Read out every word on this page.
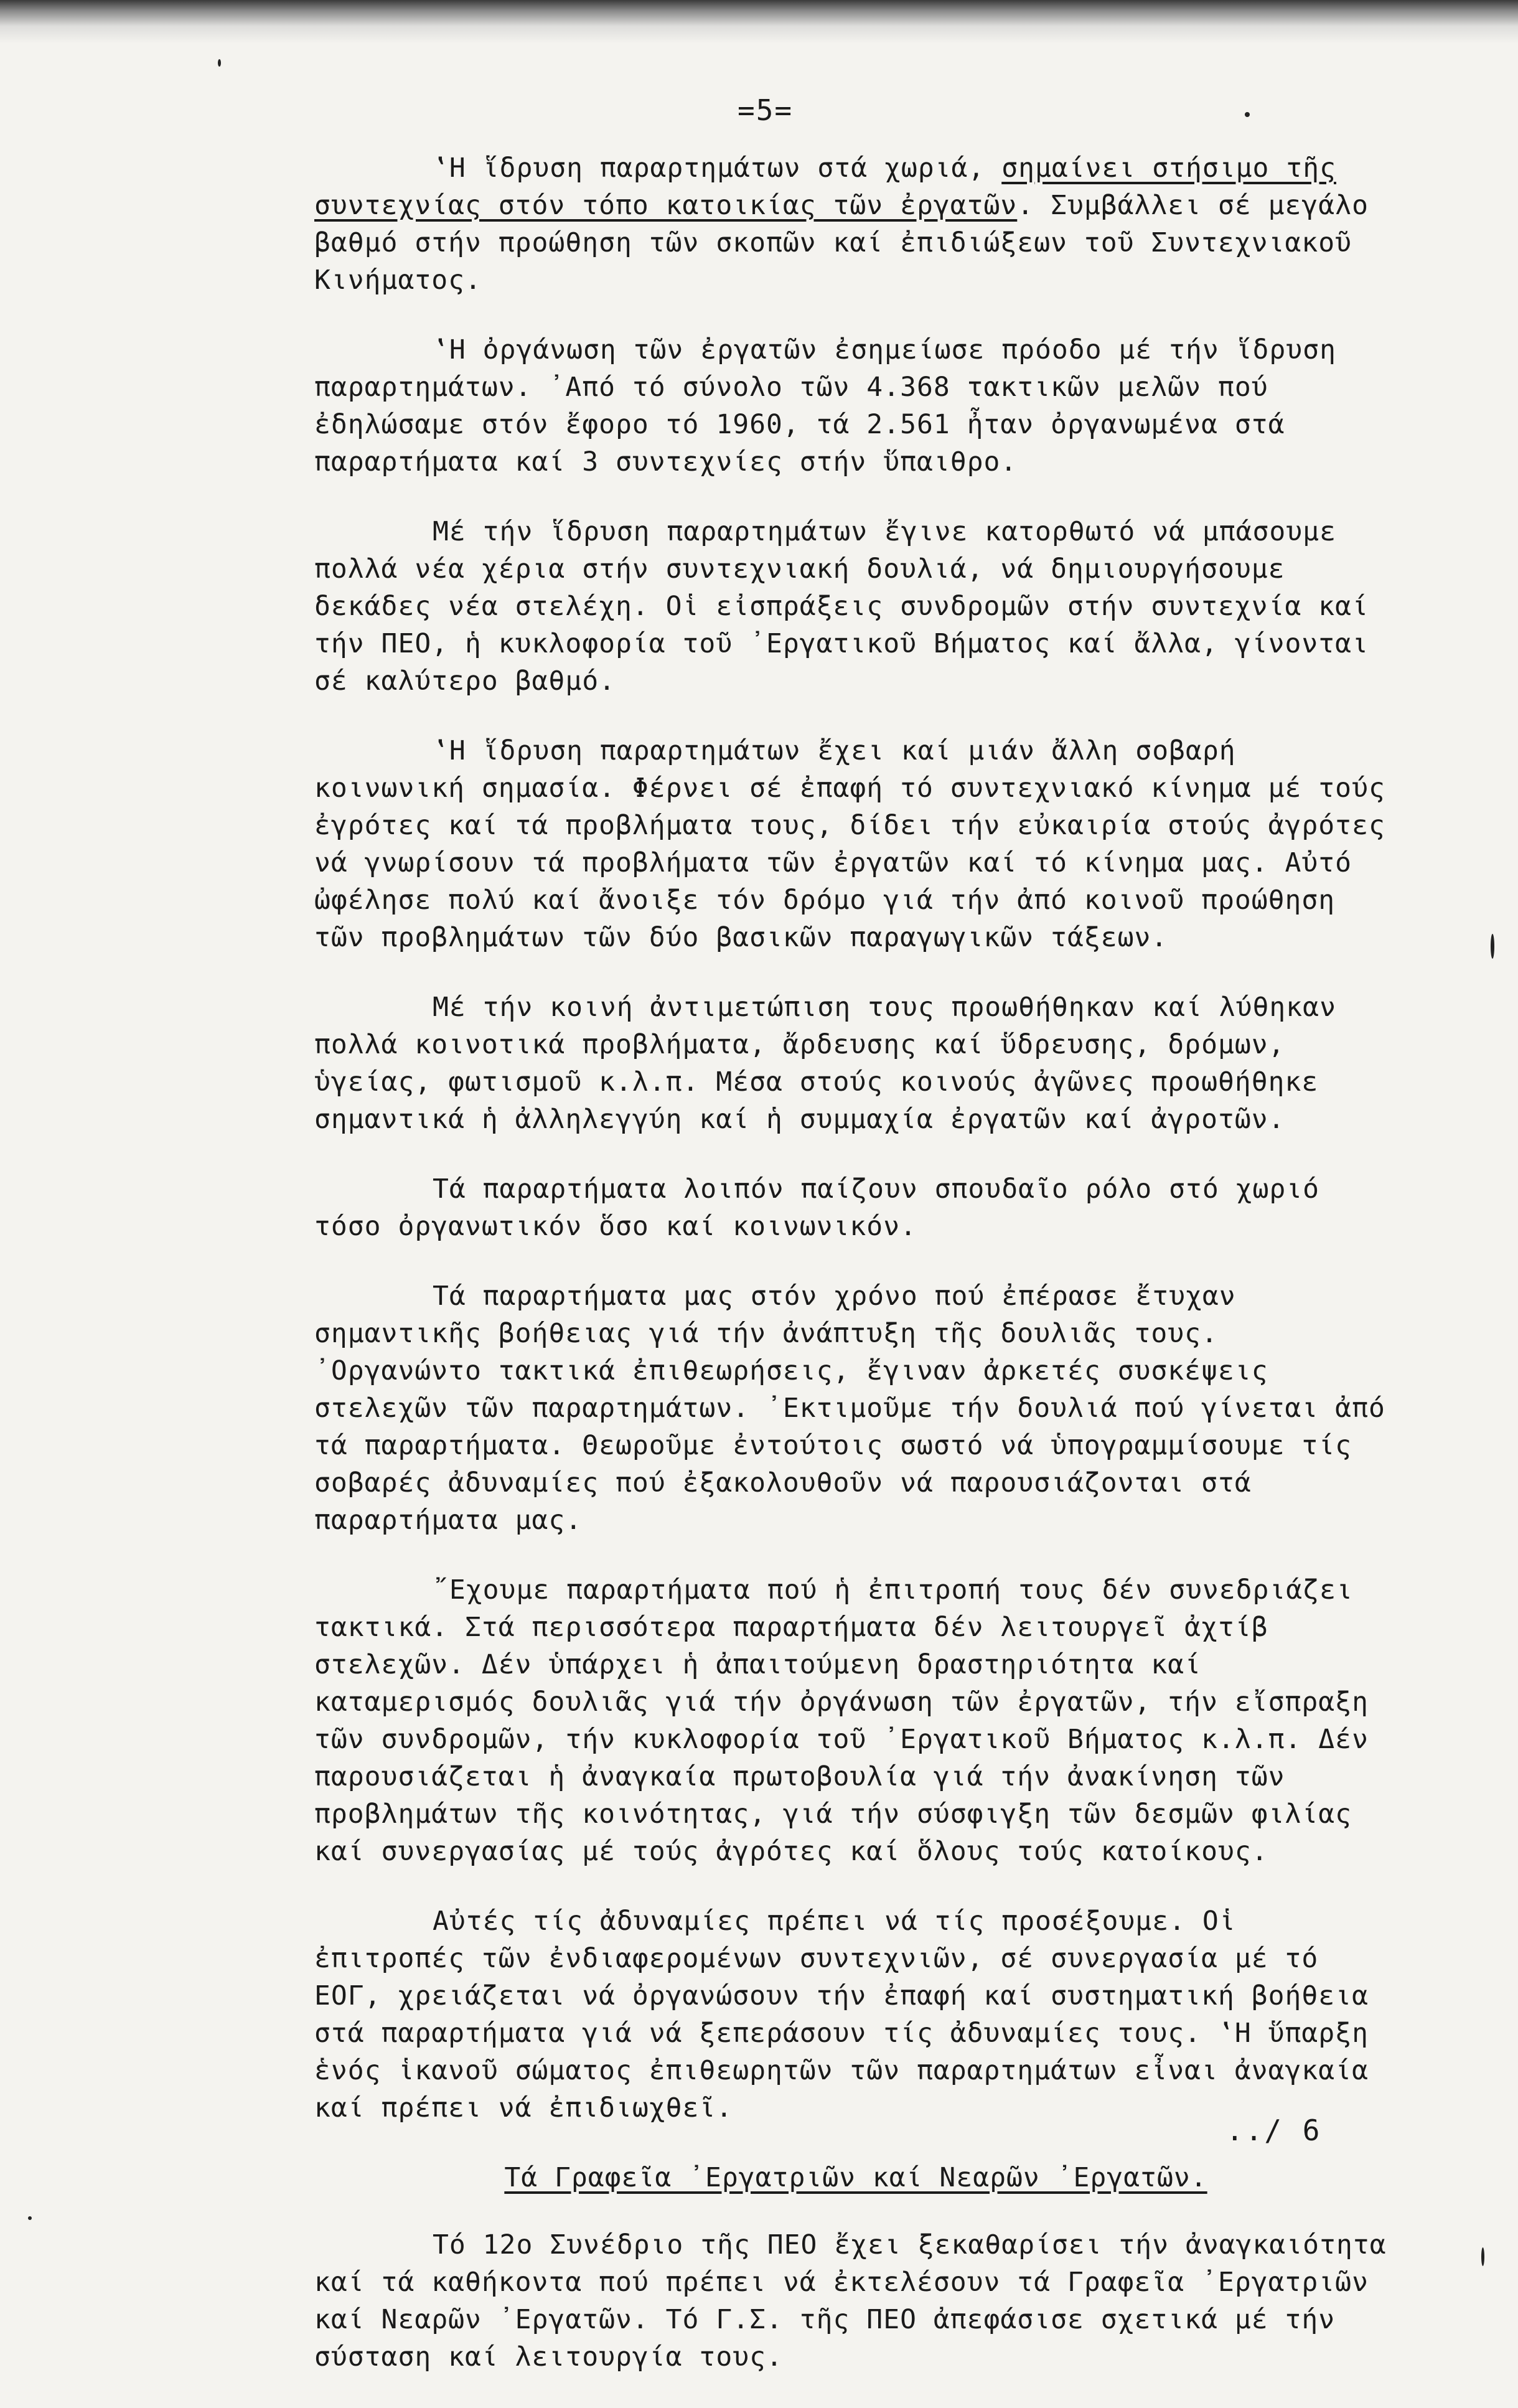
=5=

‛Η ἵδρυση παραρτημάτων στά χωριά, σημαίνει στήσιμο τῆς συντεχνίας στόν τόπο κατοικίας τῶν ἐργατῶν. Συμβάλλει σέ μεγάλο βαθμό στήν προώθηση τῶν σκοπῶν καί ἐπιδιώξεων τοῦ Συντεχνιακοῦ Κινήματος.

‛Η ὀργάνωση τῶν ἐργατῶν ἐσημείωσε πρόοδο μέ τήν ἵδρυση παραρτημάτων. ᾿Από τό σύνολο τῶν 4.368 τακτικῶν μελῶν πού ἐδηλώσαμε στόν ἔφορο τό 1960, τά 2.561 ἦταν ὀργανωμένα στά παραρτήματα καί 3 συντεχνίες στήν ὕπαιθρο.

Μέ τήν ἵδρυση παραρτημάτων ἔγινε κατορθωτό νά μπάσουμε πολλά νέα χέρια στήν συντεχνιακή δουλιά, νά δημιουργήσουμε δεκάδες νέα στελέχη. Οἱ εἰσπράξεις συνδρομῶν στήν συντεχνία καί τήν ΠΕΟ, ἡ κυκλοφορία τοῦ ᾿Εργατικοῦ Βήματος καί ἄλλα, γίνονται σέ καλύτερο βαθμό.

‛Η ἵδρυση παραρτημάτων ἔχει καί μιάν ἄλλη σοβαρή κοινωνική σημασία. Φέρνει σέ ἐπαφή τό συντεχνιακό κίνημα μέ τούς ἐγρότες καί τά προβλήματα τους, δίδει τήν εὐκαιρία στούς ἀγρότες νά γνωρίσουν τά προβλήματα τῶν ἐργατῶν καί τό κίνημα μας. Αὐτό ὠφέλησε πολύ καί ἄνοιξε τόν δρόμο γιά τήν ἀπό κοινοῦ προώθηση τῶν προβλημάτων τῶν δύο βασικῶν παραγωγικῶν τάξεων.

Μέ τήν κοινή ἀντιμετώπιση τους προωθήθηκαν καί λύθηκαν πολλά κοινοτικά προβλήματα, ἄρδευσης καί ὕδρευσης, δρόμων, ὑγείας, φωτισμοῦ κ.λ.π. Μέσα στούς κοινούς ἀγῶνες προωθήθηκε σημαντικά ἡ ἀλληλεγγύη καί ἡ συμμαχία ἐργατῶν καί ἀγροτῶν.

Τά παραρτήματα λοιπόν παίζουν σπουδαῖο ρόλο στό χωριό τόσο ὀργανωτικόν ὅσο καί κοινωνικόν.

Τά παραρτήματα μας στόν χρόνο πού ἐπέρασε ἔτυχαν σημαντικῆς βοήθειας γιά τήν ἀνάπτυξη τῆς δουλιᾶς τους. ᾿Οργανώντο τακτικά ἐπιθεωρήσεις, ἔγιναν ἀρκετές συσκέψεις στελεχῶν τῶν παραρτημάτων. ᾿Εκτιμοῦμε τήν δουλιά πού γίνεται ἀπό τά παραρτήματα. Θεωροῦμε ἐντούτοις σωστό νά ὑπογραμμίσουμε τίς σοβαρές ἀδυναμίες πού ἐξακολουθοῦν νά παρουσιάζονται στά παραρτήματα μας.

῎Εχουμε παραρτήματα πού ἡ ἐπιτροπή τους δέν συνεδριάζει τακτικά. Στά περισσότερα παραρτήματα δέν λειτουργεῖ ἀχτίβ στελεχῶν. Δέν ὑπάρχει ἡ ἀπαιτούμενη δραστηριότητα καί καταμερισμός δουλιᾶς γιά τήν ὀργάνωση τῶν ἐργατῶν, τήν εἴσπραξη τῶν συνδρομῶν, τήν κυκλοφορία τοῦ ᾿Εργατικοῦ Βήματος κ.λ.π. Δέν παρουσιάζεται ἡ ἀναγκαία πρωτοβουλία γιά τήν ἀνακίνηση τῶν προβλημάτων τῆς κοινότητας, γιά τήν σύσφιγξη τῶν δεσμῶν φιλίας καί συνεργασίας μέ τούς ἀγρότες καί ὅλους τούς κατοίκους.

Αὐτές τίς ἀδυναμίες πρέπει νά τίς προσέξουμε. Οἱ ἐπιτροπές τῶν ἐνδιαφερομένων συντεχνιῶν, σέ συνεργασία μέ τό ΕΟΓ, χρειάζεται νά ὀργανώσουν τήν ἐπαφή καί συστηματική βοήθεια στά παραρτήματα γιά νά ξεπεράσουν τίς ἀδυναμίες τους. ‛Η ὕπαρξη ἑνός ἱκανοῦ σώματος ἐπιθεωρητῶν τῶν παραρτημάτων εἶναι ἀναγκαία καί πρέπει νά ἐπιδιωχθεῖ.

Τά Γραφεῖα ᾿Εργατριῶν καί Νεαρῶν ᾿Εργατῶν.

Τό 12ο Συνέδριο τῆς ΠΕΟ ἔχει ξεκαθαρίσει τήν ἀναγκαιότητα καί τά καθήκοντα πού πρέπει νά ἐκτελέσουν τά Γραφεῖα ᾿Εργατριῶν καί Νεαρῶν ᾿Εργατῶν. Τό Γ.Σ. τῆς ΠΕΟ ἀπεφάσισε σχετικά μέ τήν σύσταση καί λειτουργία τους.

../ 6
